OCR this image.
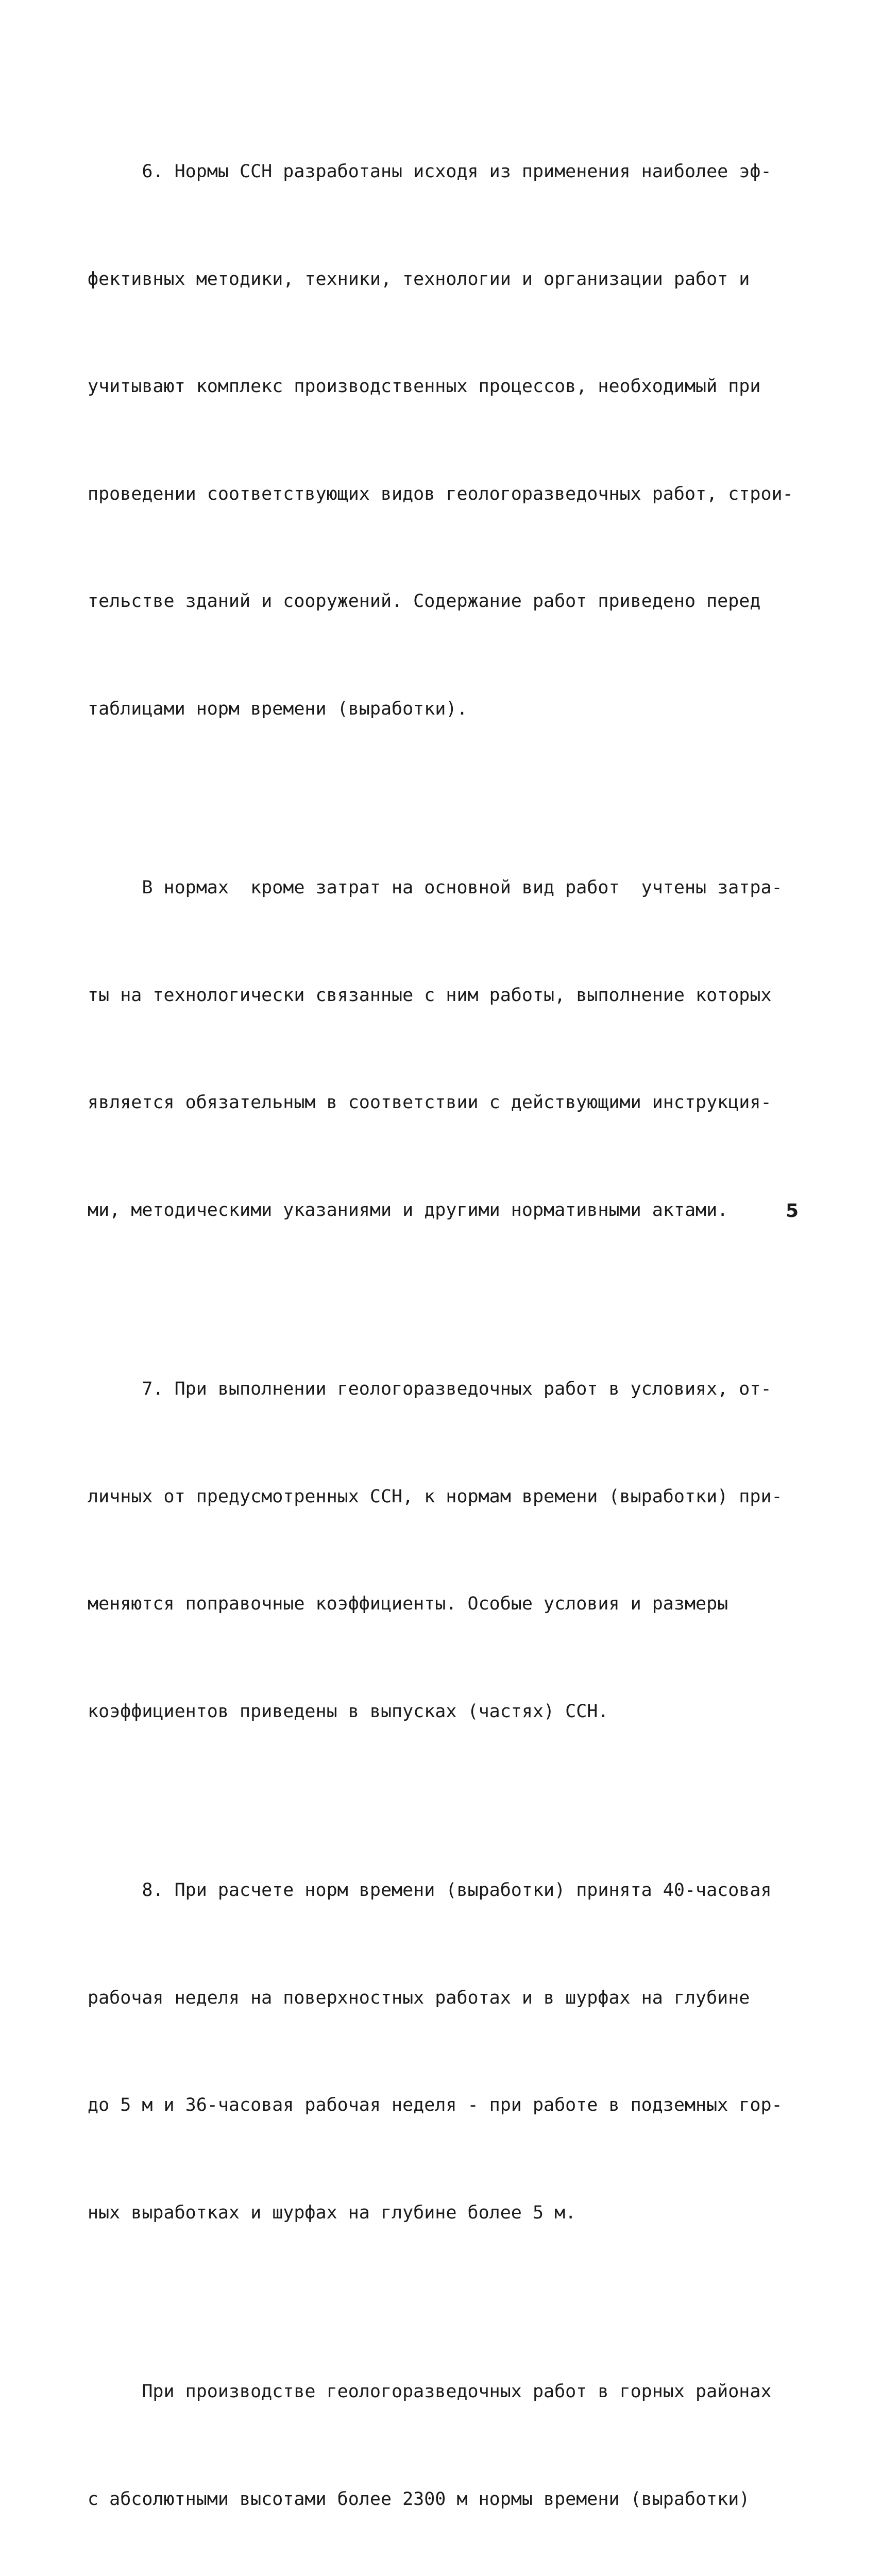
6. Нормы ССН разработаны исходя из применения наиболее эф-

фективных методики, техники, технологии и организации работ и

учитывают комплекс производственных процессов, необходимый при

проведении соответствующих видов геологоразведочных работ, строи-

тельстве зданий и сооружений. Содержание работ приведено перед

таблицами норм времени (выработки).

В нормах  кроме затрат на основной вид работ  учтены затра-

ты на технологически связанные с ним работы, выполнение которых

является обязательным в соответствии с действующими инструкция-

ми, методическими указаниями и другими нормативными актами.

7. При выполнении геологоразведочных работ в условиях, от-

личных от предусмотренных ССН, к нормам времени (выработки) при-

меняются поправочные коэффициенты. Особые условия и размеры

коэффициентов приведены в выпусках (частях) ССН.

8. При расчете норм времени (выработки) принята 40-часовая

рабочая неделя на поверхностных работах и в шурфах на глубине

до 5 м и 36-часовая рабочая неделя - при работе в подземных гор-

ных выработках и шурфах на глубине более 5 м.

При производстве геологоразведочных работ в горных районах

с абсолютными высотами более 2300 м нормы времени (выработки)

5
